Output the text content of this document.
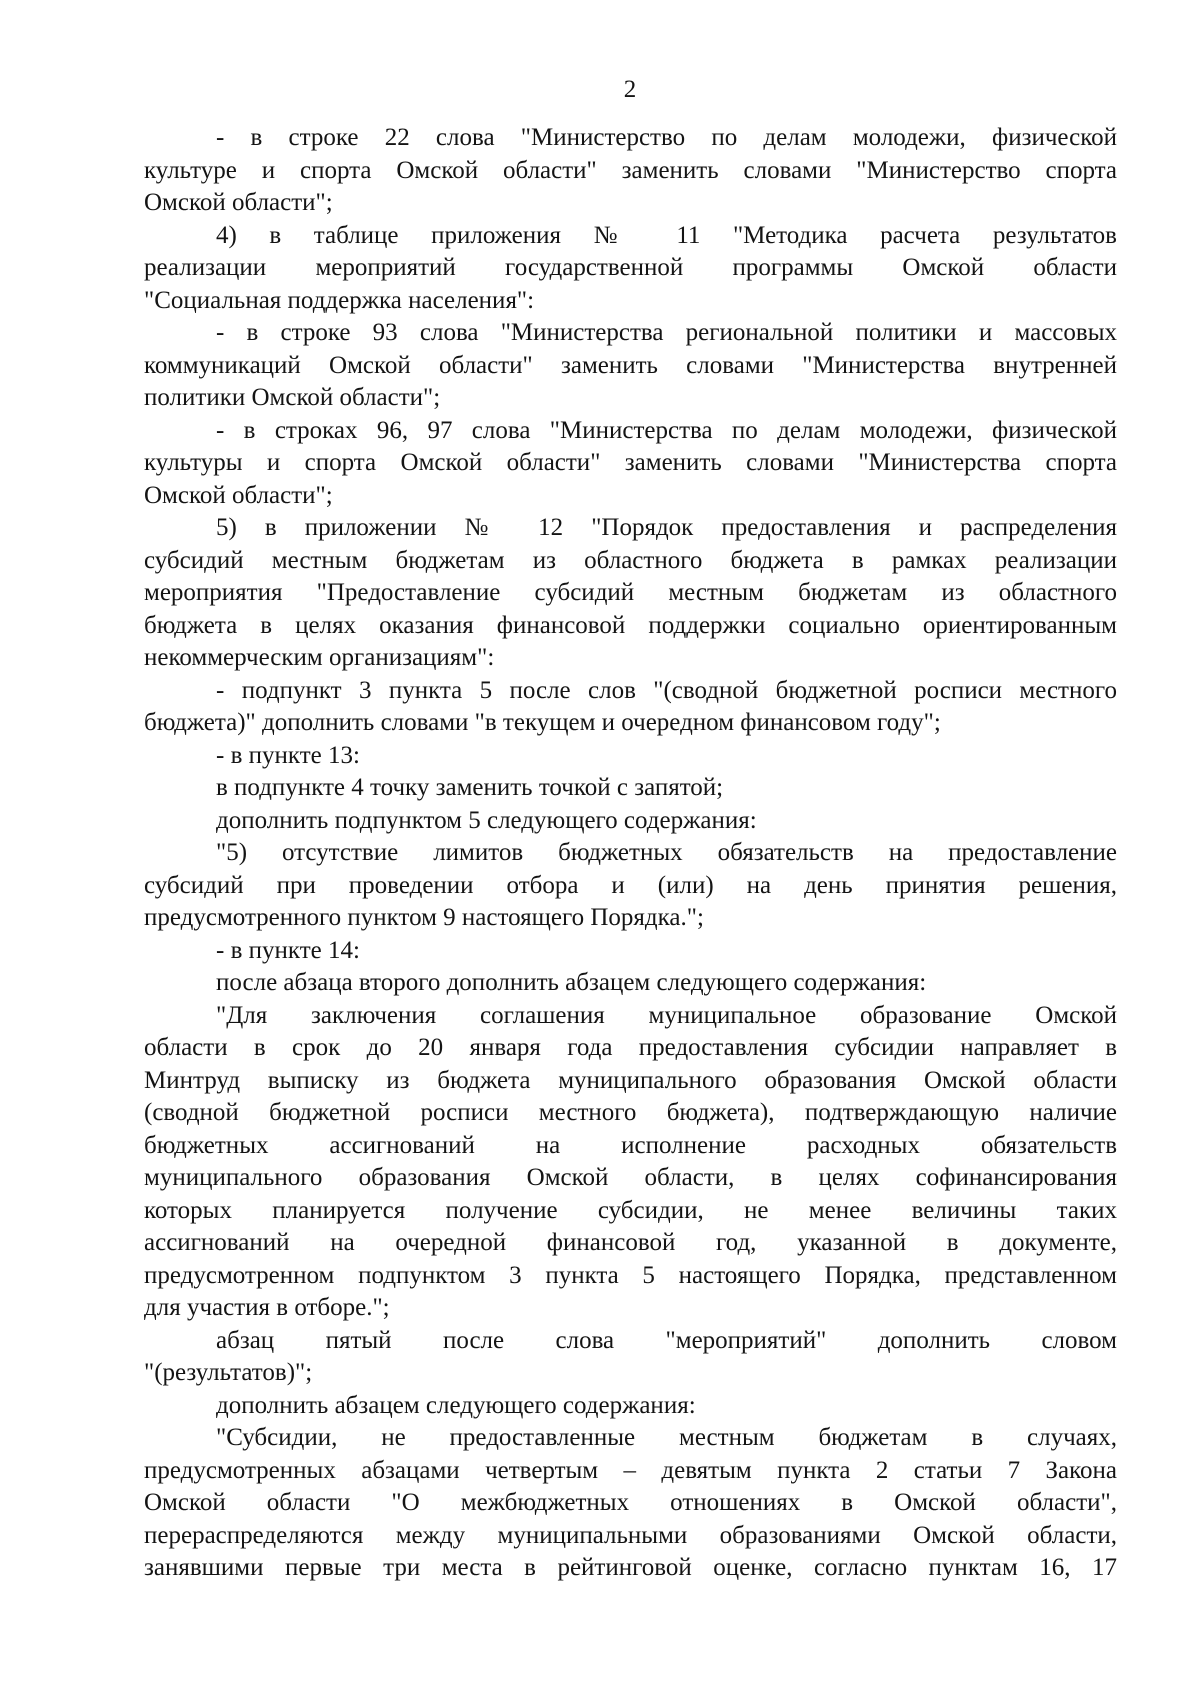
2
- в строке 22 слова "Министерство по делам молодежи, физической
культуре и спорта Омской области" заменить словами "Министерство спорта
Омской области";
4) в таблице приложения № 11 "Методика расчета результатов
реализации мероприятий государственной программы Омской области
"Социальная поддержка населения":
- в строке 93 слова "Министерства региональной политики и массовых
коммуникаций Омской области" заменить словами "Министерства внутренней
политики Омской области";
- в строках 96, 97 слова "Министерства по делам молодежи, физической
культуры и спорта Омской области" заменить словами "Министерства спорта
Омской области";
5) в приложении № 12 "Порядок предоставления и распределения
субсидий местным бюджетам из областного бюджета в рамках реализации
мероприятия "Предоставление субсидий местным бюджетам из областного
бюджета в целях оказания финансовой поддержки социально ориентированным
некоммерческим организациям":
- подпункт 3 пункта 5 после слов "(сводной бюджетной росписи местного
бюджета)" дополнить словами "в текущем и очередном финансовом году";
- в пункте 13:
в подпункте 4 точку заменить точкой с запятой;
дополнить подпунктом 5 следующего содержания:
"5) отсутствие лимитов бюджетных обязательств на предоставление
субсидий при проведении отбора и (или) на день принятия решения,
предусмотренного пунктом 9 настоящего Порядка.";
- в пункте 14:
после абзаца второго дополнить абзацем следующего содержания:
"Для заключения соглашения муниципальное образование Омской
области в срок до 20 января года предоставления субсидии направляет в
Минтруд выписку из бюджета муниципального образования Омской области
(сводной бюджетной росписи местного бюджета), подтверждающую наличие
бюджетных ассигнований на исполнение расходных обязательств
муниципального образования Омской области, в целях софинансирования
которых планируется получение субсидии, не менее величины таких
ассигнований на очередной финансовой год, указанной в документе,
предусмотренном подпунктом 3 пункта 5 настоящего Порядка, представленном
для участия в отборе.";
абзац пятый после слова "мероприятий" дополнить словом
"(результатов)";
дополнить абзацем следующего содержания:
"Субсидии, не предоставленные местным бюджетам в случаях,
предусмотренных абзацами четвертым – девятым пункта 2 статьи 7 Закона
Омской области "О межбюджетных отношениях в Омской области",
перераспределяются между муниципальными образованиями Омской области,
занявшими первые три места в рейтинговой оценке, согласно пунктам 16, 17
